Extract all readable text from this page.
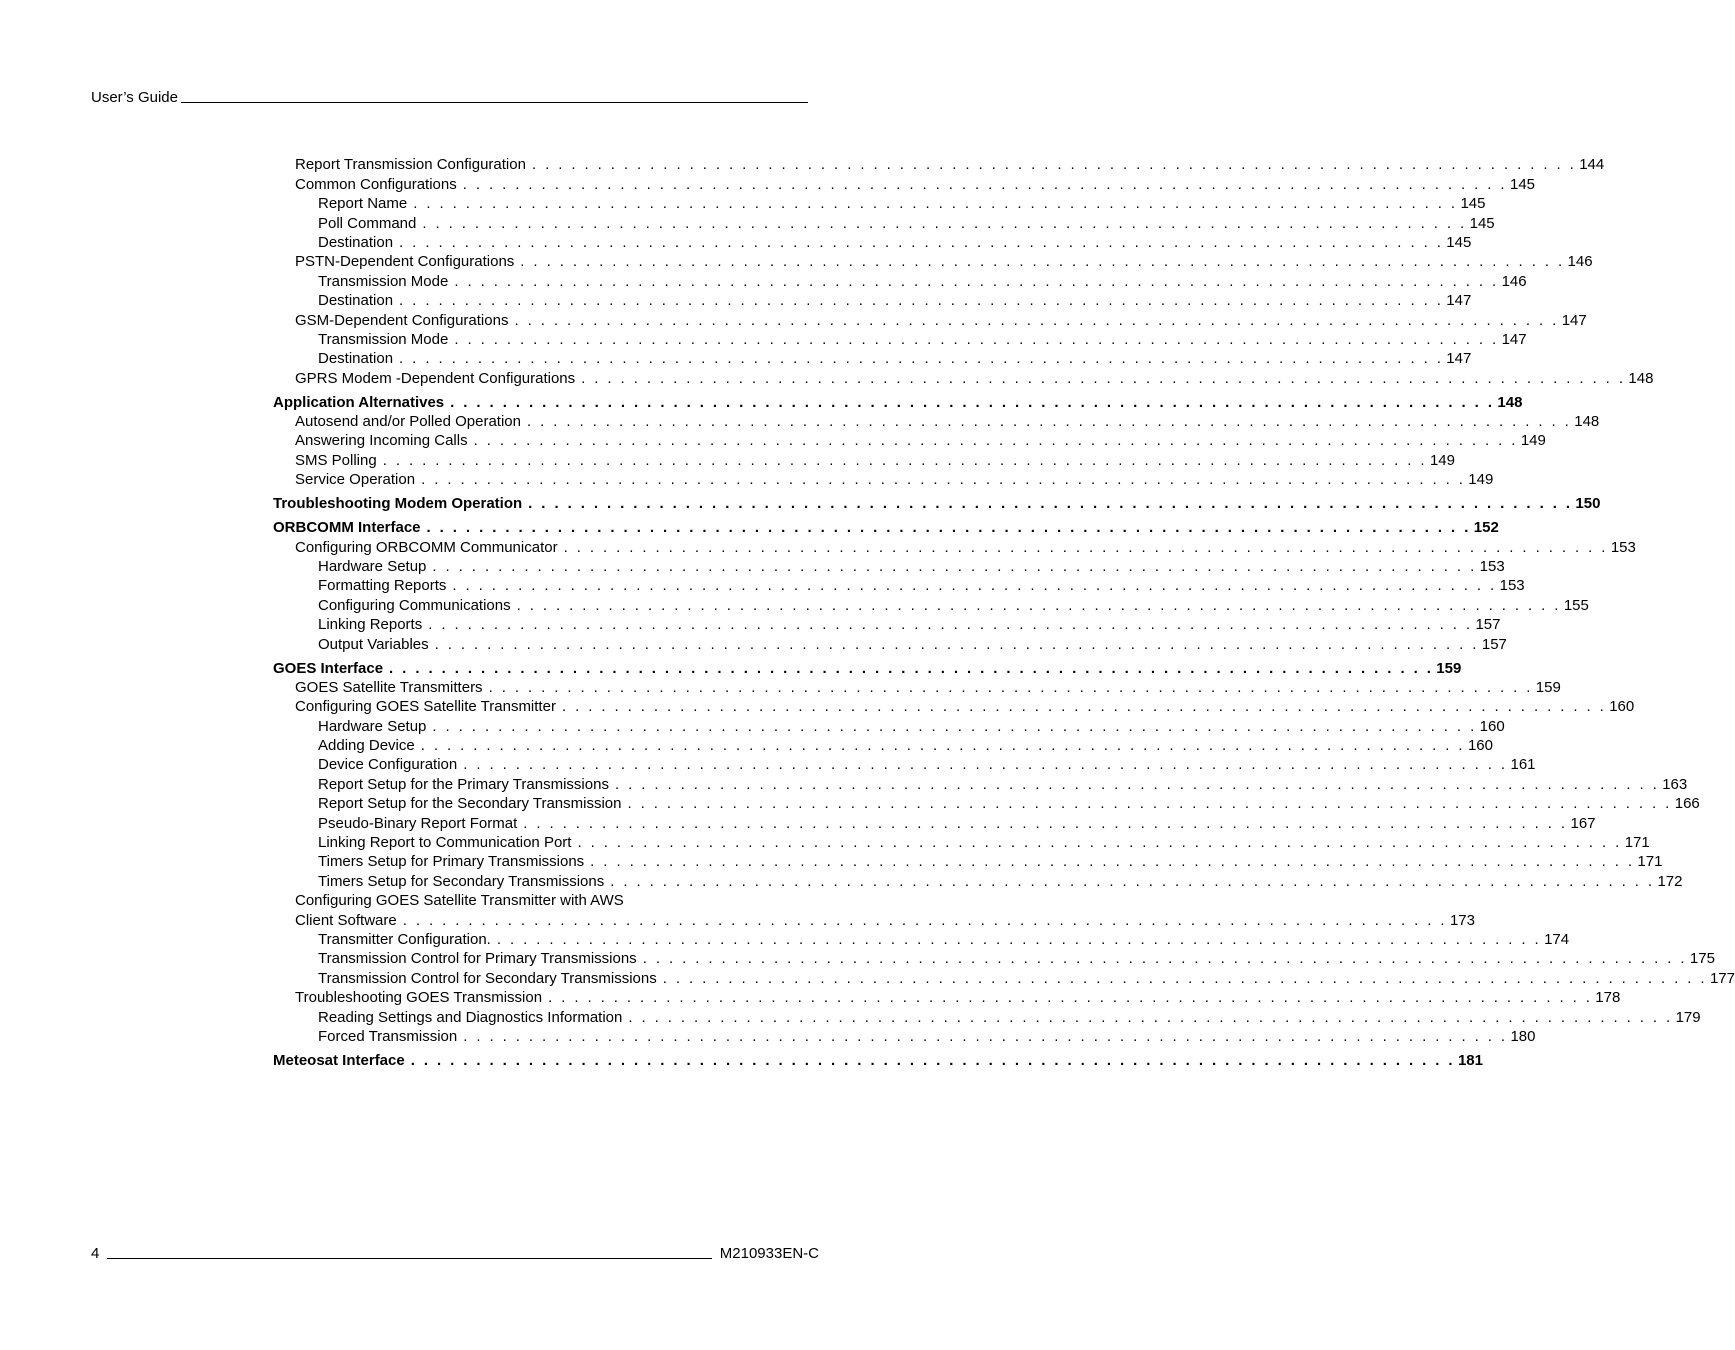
User’s Guide
Report Transmission Configuration . . . . . . . . . . . . . . . . . . . . . . . . . . . . . . . . . . . . . . . . . . . . . . . . . . . . . . . . . . . . . . . . . . . . . . . . . . . . . . . . 144
Common Configurations . . . . . . . . . . . . . . . . . . . . . . . . . . . . . . . . . . . . . . . . . . . . . . . . . . . . . . . . . . . . . . . . . . . . . . . . . . . . . . . . 145
Report Name . . . . . . . . . . . . . . . . . . . . . . . . . . . . . . . . . . . . . . . . . . . . . . . . . . . . . . . . . . . . . . . . . . . . . . . . . . . . . . . . 145
Poll Command . . . . . . . . . . . . . . . . . . . . . . . . . . . . . . . . . . . . . . . . . . . . . . . . . . . . . . . . . . . . . . . . . . . . . . . . . . . . . . . . 145
Destination . . . . . . . . . . . . . . . . . . . . . . . . . . . . . . . . . . . . . . . . . . . . . . . . . . . . . . . . . . . . . . . . . . . . . . . . . . . . . . . . 145
PSTN-Dependent Configurations . . . . . . . . . . . . . . . . . . . . . . . . . . . . . . . . . . . . . . . . . . . . . . . . . . . . . . . . . . . . . . . . . . . . . . . . . . . . . . . . 146
Transmission Mode . . . . . . . . . . . . . . . . . . . . . . . . . . . . . . . . . . . . . . . . . . . . . . . . . . . . . . . . . . . . . . . . . . . . . . . . . . . . . . . . 146
Destination . . . . . . . . . . . . . . . . . . . . . . . . . . . . . . . . . . . . . . . . . . . . . . . . . . . . . . . . . . . . . . . . . . . . . . . . . . . . . . . . 147
GSM-Dependent Configurations . . . . . . . . . . . . . . . . . . . . . . . . . . . . . . . . . . . . . . . . . . . . . . . . . . . . . . . . . . . . . . . . . . . . . . . . . . . . . . . . 147
Transmission Mode . . . . . . . . . . . . . . . . . . . . . . . . . . . . . . . . . . . . . . . . . . . . . . . . . . . . . . . . . . . . . . . . . . . . . . . . . . . . . . . . 147
Destination . . . . . . . . . . . . . . . . . . . . . . . . . . . . . . . . . . . . . . . . . . . . . . . . . . . . . . . . . . . . . . . . . . . . . . . . . . . . . . . . 147
GPRS Modem -Dependent Configurations . . . . . . . . . . . . . . . . . . . . . . . . . . . . . . . . . . . . . . . . . . . . . . . . . . . . . . . . . . . . . . . . . . . . . . . . . . . . . . . . 148
Application Alternatives . . . . . . . . . . . . . . . . . . . . . . . . . . . . . . . . . . . . . . . . . . . . . . . . . . . . . . . . . . . . . . . . . . . . . . . . . . . . . . . . 148
Autosend and/or Polled Operation . . . . . . . . . . . . . . . . . . . . . . . . . . . . . . . . . . . . . . . . . . . . . . . . . . . . . . . . . . . . . . . . . . . . . . . . . . . . . . . . 148
Answering Incoming Calls . . . . . . . . . . . . . . . . . . . . . . . . . . . . . . . . . . . . . . . . . . . . . . . . . . . . . . . . . . . . . . . . . . . . . . . . . . . . . . . . 149
SMS Polling . . . . . . . . . . . . . . . . . . . . . . . . . . . . . . . . . . . . . . . . . . . . . . . . . . . . . . . . . . . . . . . . . . . . . . . . . . . . . . . . 149
Service Operation . . . . . . . . . . . . . . . . . . . . . . . . . . . . . . . . . . . . . . . . . . . . . . . . . . . . . . . . . . . . . . . . . . . . . . . . . . . . . . . . 149
Troubleshooting Modem Operation . . . . . . . . . . . . . . . . . . . . . . . . . . . . . . . . . . . . . . . . . . . . . . . . . . . . . . . . . . . . . . . . . . . . . . . . . . . . . . . . 150
ORBCOMM Interface . . . . . . . . . . . . . . . . . . . . . . . . . . . . . . . . . . . . . . . . . . . . . . . . . . . . . . . . . . . . . . . . . . . . . . . . . . . . . . . . 152
Configuring ORBCOMM Communicator . . . . . . . . . . . . . . . . . . . . . . . . . . . . . . . . . . . . . . . . . . . . . . . . . . . . . . . . . . . . . . . . . . . . . . . . . . . . . . . . 153
Hardware Setup . . . . . . . . . . . . . . . . . . . . . . . . . . . . . . . . . . . . . . . . . . . . . . . . . . . . . . . . . . . . . . . . . . . . . . . . . . . . . . . . 153
Formatting Reports . . . . . . . . . . . . . . . . . . . . . . . . . . . . . . . . . . . . . . . . . . . . . . . . . . . . . . . . . . . . . . . . . . . . . . . . . . . . . . . . 153
Configuring Communications . . . . . . . . . . . . . . . . . . . . . . . . . . . . . . . . . . . . . . . . . . . . . . . . . . . . . . . . . . . . . . . . . . . . . . . . . . . . . . . . 155
Linking Reports . . . . . . . . . . . . . . . . . . . . . . . . . . . . . . . . . . . . . . . . . . . . . . . . . . . . . . . . . . . . . . . . . . . . . . . . . . . . . . . . 157
Output Variables . . . . . . . . . . . . . . . . . . . . . . . . . . . . . . . . . . . . . . . . . . . . . . . . . . . . . . . . . . . . . . . . . . . . . . . . . . . . . . . . 157
GOES Interface . . . . . . . . . . . . . . . . . . . . . . . . . . . . . . . . . . . . . . . . . . . . . . . . . . . . . . . . . . . . . . . . . . . . . . . . . . . . . . . . 159
GOES Satellite Transmitters . . . . . . . . . . . . . . . . . . . . . . . . . . . . . . . . . . . . . . . . . . . . . . . . . . . . . . . . . . . . . . . . . . . . . . . . . . . . . . . . 159
Configuring GOES Satellite Transmitter . . . . . . . . . . . . . . . . . . . . . . . . . . . . . . . . . . . . . . . . . . . . . . . . . . . . . . . . . . . . . . . . . . . . . . . . . . . . . . . . 160
Hardware Setup . . . . . . . . . . . . . . . . . . . . . . . . . . . . . . . . . . . . . . . . . . . . . . . . . . . . . . . . . . . . . . . . . . . . . . . . . . . . . . . . 160
Adding Device . . . . . . . . . . . . . . . . . . . . . . . . . . . . . . . . . . . . . . . . . . . . . . . . . . . . . . . . . . . . . . . . . . . . . . . . . . . . . . . . 160
Device Configuration . . . . . . . . . . . . . . . . . . . . . . . . . . . . . . . . . . . . . . . . . . . . . . . . . . . . . . . . . . . . . . . . . . . . . . . . . . . . . . . . 161
Report Setup for the Primary Transmissions . . . . . . . . . . . . . . . . . . . . . . . . . . . . . . . . . . . . . . . . . . . . . . . . . . . . . . . . . . . . . . . . . . . . . . . . . . . . . . . . 163
Report Setup for the Secondary Transmission . . . . . . . . . . . . . . . . . . . . . . . . . . . . . . . . . . . . . . . . . . . . . . . . . . . . . . . . . . . . . . . . . . . . . . . . . . . . . . . . 166
Pseudo-Binary Report Format . . . . . . . . . . . . . . . . . . . . . . . . . . . . . . . . . . . . . . . . . . . . . . . . . . . . . . . . . . . . . . . . . . . . . . . . . . . . . . . . 167
Linking Report to Communication Port . . . . . . . . . . . . . . . . . . . . . . . . . . . . . . . . . . . . . . . . . . . . . . . . . . . . . . . . . . . . . . . . . . . . . . . . . . . . . . . . 171
Timers Setup for Primary Transmissions . . . . . . . . . . . . . . . . . . . . . . . . . . . . . . . . . . . . . . . . . . . . . . . . . . . . . . . . . . . . . . . . . . . . . . . . . . . . . . . . 171
Timers Setup for Secondary Transmissions . . . . . . . . . . . . . . . . . . . . . . . . . . . . . . . . . . . . . . . . . . . . . . . . . . . . . . . . . . . . . . . . . . . . . . . . . . . . . . . . 172
Configuring GOES Satellite Transmitter with AWS
Client Software . . . . . . . . . . . . . . . . . . . . . . . . . . . . . . . . . . . . . . . . . . . . . . . . . . . . . . . . . . . . . . . . . . . . . . . . . . . . . . . . 173
Transmitter Configuration. . . . . . . . . . . . . . . . . . . . . . . . . . . . . . . . . . . . . . . . . . . . . . . . . . . . . . . . . . . . . . . . . . . . . . . . . . . . . . . . . 174
Transmission Control for Primary Transmissions . . . . . . . . . . . . . . . . . . . . . . . . . . . . . . . . . . . . . . . . . . . . . . . . . . . . . . . . . . . . . . . . . . . . . . . . . . . . . . . . 175
Transmission Control for Secondary Transmissions . . . . . . . . . . . . . . . . . . . . . . . . . . . . . . . . . . . . . . . . . . . . . . . . . . . . . . . . . . . . . . . . . . . . . . . . . . . . . . . . 177
Troubleshooting GOES Transmission . . . . . . . . . . . . . . . . . . . . . . . . . . . . . . . . . . . . . . . . . . . . . . . . . . . . . . . . . . . . . . . . . . . . . . . . . . . . . . . . 178
Reading Settings and Diagnostics Information . . . . . . . . . . . . . . . . . . . . . . . . . . . . . . . . . . . . . . . . . . . . . . . . . . . . . . . . . . . . . . . . . . . . . . . . . . . . . . . . 179
Forced Transmission . . . . . . . . . . . . . . . . . . . . . . . . . . . . . . . . . . . . . . . . . . . . . . . . . . . . . . . . . . . . . . . . . . . . . . . . . . . . . . . . 180
Meteosat Interface . . . . . . . . . . . . . . . . . . . . . . . . . . . . . . . . . . . . . . . . . . . . . . . . . . . . . . . . . . . . . . . . . . . . . . . . . . . . . . . . 181
4	M210933EN-C
